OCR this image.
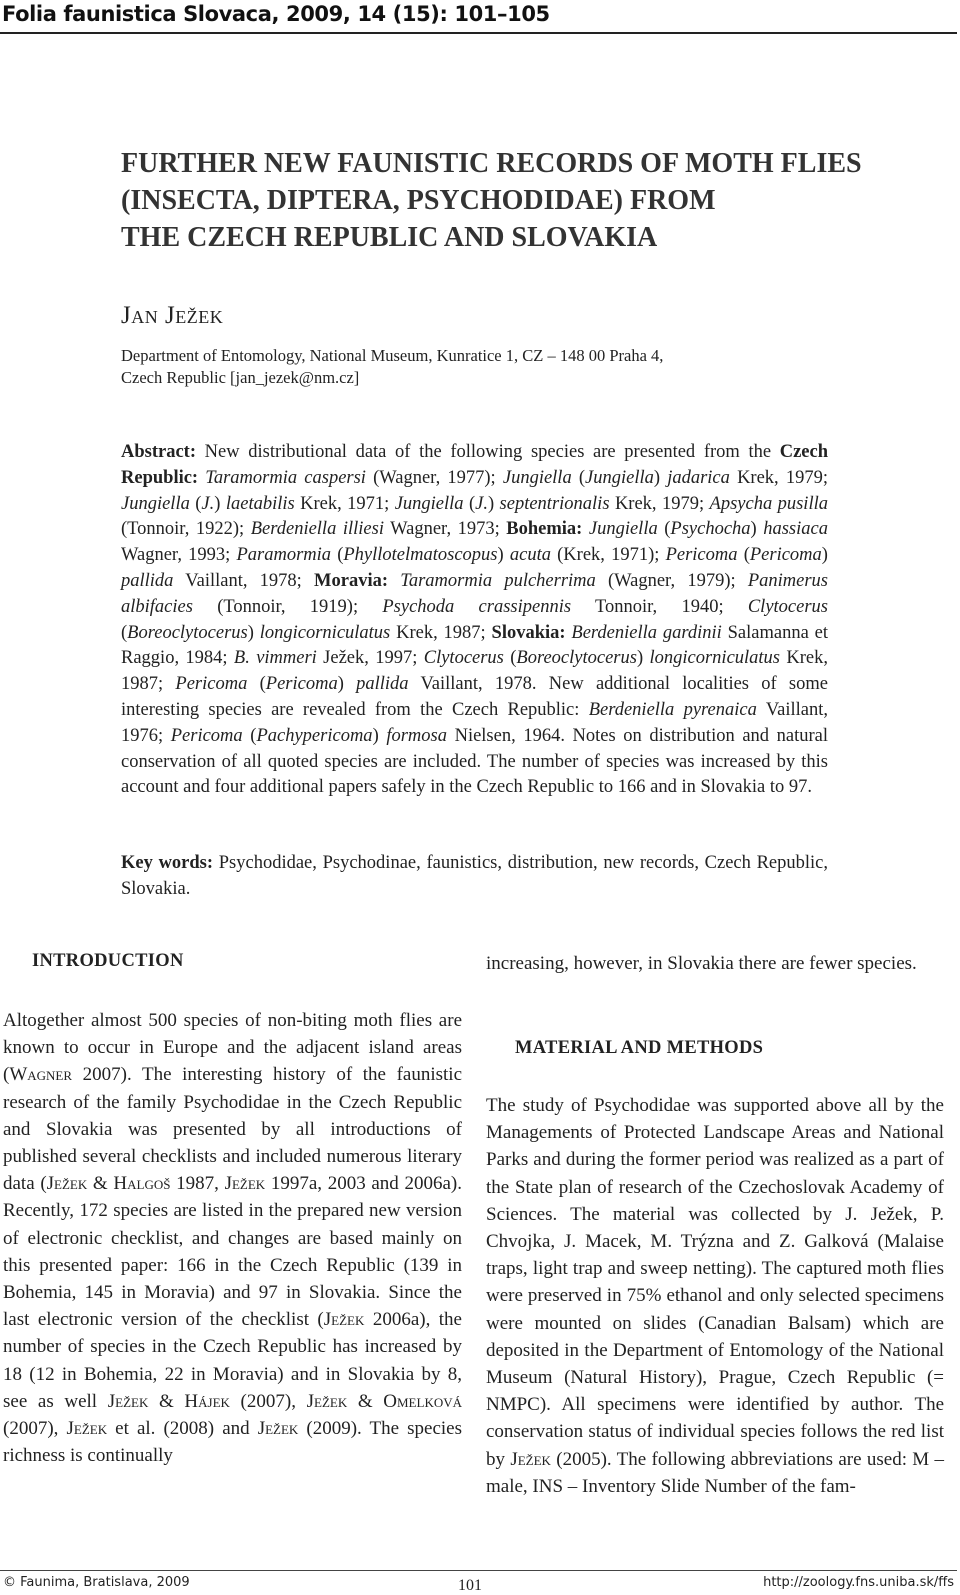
Folia faunistica Slovaca, 2009, 14 (15): 101–105
FURTHER NEW FAUNISTIC RECORDS OF MOTH FLIES
(INSECTA, DIPTERA, PSYCHODIDAE) FROM
THE CZECH REPUBLIC AND SLOVAKIA
Jan Ježek
Department of Entomology, National Museum, Kunratice 1, CZ – 148 00 Praha 4,
Czech Republic [jan_jezek@nm.cz]
Abstract: New distributional data of the following species are presented from the Czech Republic: Taramormia caspersi (Wagner, 1977); Jungiella (Jungiella) jadarica Krek, 1979; Jungiella (J.) laetabilis Krek, 1971; Jungiella (J.) septentrionalis Krek, 1979; Apsycha pusilla (Tonnoir, 1922); Berdeniella illiesi Wagner, 1973; Bohemia: Jungiella (Psychocha) hassiaca Wagner, 1993; Paramormia (Phyllotelmatoscopus) acuta (Krek, 1971); Pericoma (Pericoma) pallida Vaillant, 1978; Moravia: Taramormia pulcherrima (Wagner, 1979); Panimerus albifacies (Tonnoir, 1919); Psychoda crassipennis Tonnoir, 1940; Clytocerus (Boreoclytocerus) longicorniculatus Krek, 1987; Slovakia: Berdeniella gardinii Salamanna et Raggio, 1984; B. vimmeri Ježek, 1997; Clytocerus (Boreoclytocerus) longicorniculatus Krek, 1987; Pericoma (Pericoma) pallida Vaillant, 1978. New additional localities of some interesting species are revealed from the Czech Republic: Berdeniella pyrenaica Vaillant, 1976; Pericoma (Pachypericoma) formosa Nielsen, 1964. Notes on distribution and natural conservation of all quoted species are included. The number of species was increased by this account and four additional papers safely in the Czech Republic to 166 and in Slovakia to 97.
Key words: Psychodidae, Psychodinae, faunistics, distribution, new records, Czech Republic, Slovakia.
INTRODUCTION
Altogether almost 500 species of non-biting moth flies are known to occur in Europe and the adjacent island areas (Wagner 2007). The interesting history of the faunistic research of the family Psychodidae in the Czech Republic and Slovakia was presented by all introductions of published several checklists and included numerous literary data (Ježek & Halgoš 1987, Ježek 1997a, 2003 and 2006a). Recently, 172 species are listed in the prepared new version of electronic checklist, and changes are based mainly on this presented paper: 166 in the Czech Republic (139 in Bohemia, 145 in Moravia) and 97 in Slovakia. Since the last electronic version of the checklist (Ježek 2006a), the number of species in the Czech Republic has increased by 18 (12 in Bohemia, 22 in Moravia) and in Slovakia by 8, see as well Ježek & Hájek (2007), Ježek & Omelková (2007), Ježek et al. (2008) and Ježek (2009). The species richness is continually
increasing, however, in Slovakia there are fewer species.
MATERIAL AND METHODS
The study of Psychodidae was supported above all by the Managements of Protected Landscape Areas and National Parks and during the former period was realized as a part of the State plan of research of the Czechoslovak Academy of Sciences. The material was collected by J. Ježek, P. Chvojka, J. Macek, M. Trýzna and Z. Galková (Malaise traps, light trap and sweep netting). The captured moth flies were preserved in 75% ethanol and only selected specimens were mounted on slides (Canadian Balsam) which are deposited in the Department of Entomology of the National Museum (Natural History), Prague, Czech Republic (= NMPC). All specimens were identified by author. The conservation status of individual species follows the red list by Ježek (2005). The following abbreviations are used: M – male, INS – Inventory Slide Number of the fam-
© Faunima, Bratislava, 2009	101	http://zoology.fns.uniba.sk/ffs
